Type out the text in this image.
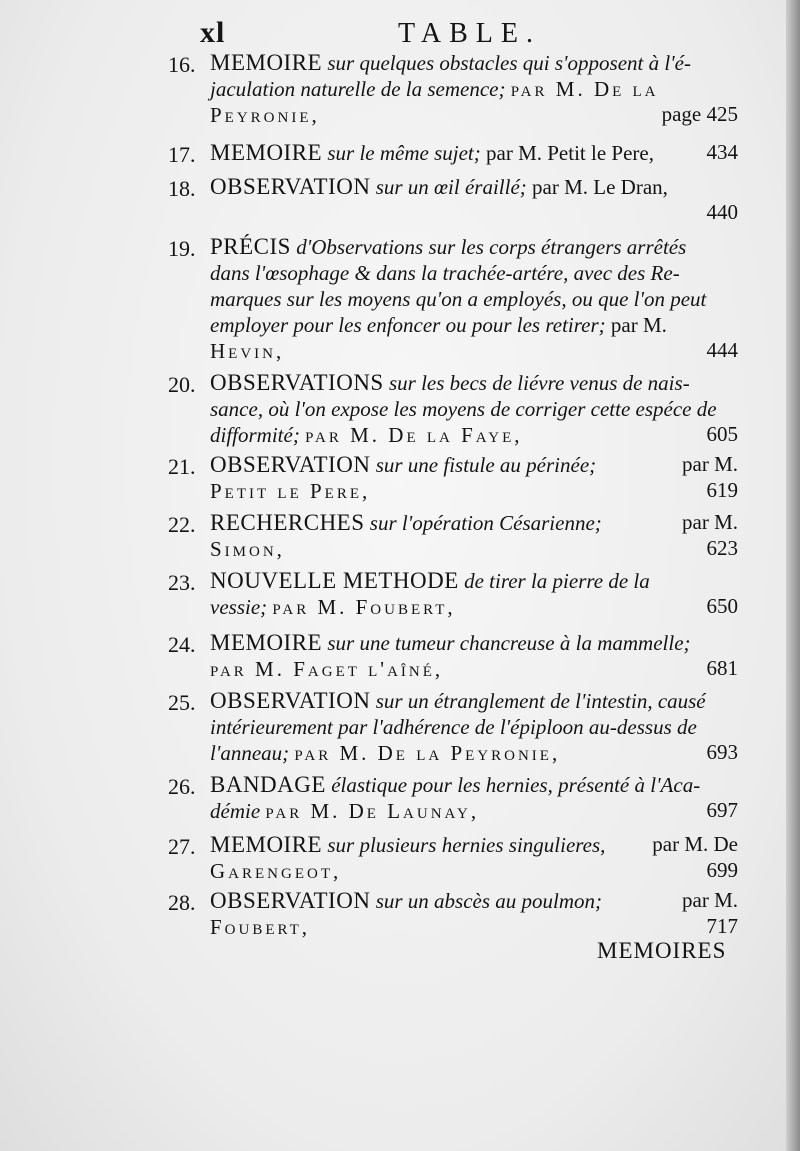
xl	TABLE.
16. MEMOIRE sur quelques obstacles qui s'opposent à l'é-
jaculation naturelle de la semence; par M. De la
Peyronie,	page 425
17. MEMOIRE sur le même sujet; par M. Petit le Pere,	434
18. OBSERVATION sur un œil éraillé; par M. Le Dran,
440
19. PRÉCIS d'Observations sur les corps étrangers arrêtés
dans l'œsophage & dans la trachée-artére, avec des Re-
marques sur les moyens qu'on a employés, ou que l'on peut
employer pour les enfoncer ou pour les retirer; par M.
Hevin,	444
20. OBSERVATIONS sur les becs de liévre venus de nais-
sance, où l'on expose les moyens de corriger cette espéce de
difformité; par M. De la Faye,	605
21. OBSERVATION sur une fistule au périnée;	par M.
Petit le Pere,	619
22. RECHERCHES sur l'opération Césarienne;	par M.
Simon,	623
23. NOUVELLE METHODE de tirer la pierre de la
vessie; par M. Foubert,	650
24. MEMOIRE sur une tumeur chancreuse à la mammelle;
par M. Faget l'aîné,	681
25. OBSERVATION sur un étranglement de l'intestin, causé
intérieurement par l'adhérence de l'épiploon au-dessus de
l'anneau; par M. De la Peyronie,	693
26. BANDAGE élastique pour les hernies, présenté à l'Aca-
démie par M. De Launay,	697
27. MEMOIRE sur plusieurs hernies singulieres, par M. De
Garengeot,	699
28. OBSERVATION sur un abscès au poulmon;	par M.
Foubert,	717
MEMOIRES
